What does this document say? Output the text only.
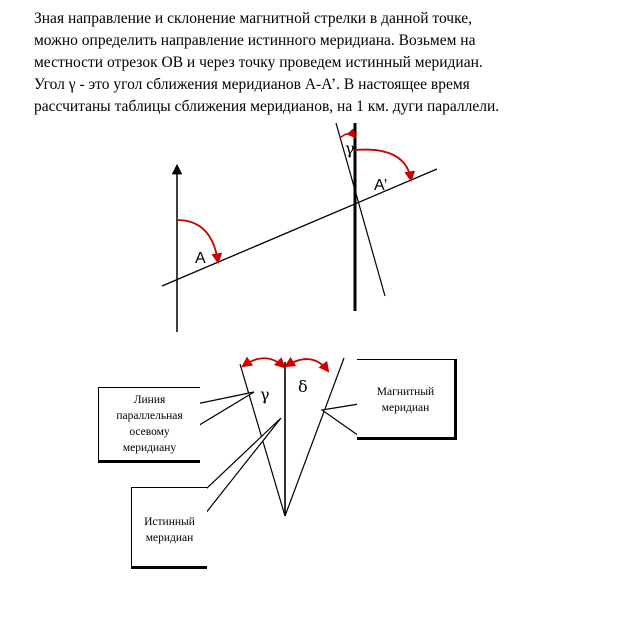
Зная направление и склонение магнитной стрелки в данной точке,
можно определить направление истинного меридиана. Возьмем на
местности отрезок ОВ и через точку проведем истинный меридиан.
Угол γ - это угол сближения меридианов А-А’. В настоящее время
рассчитаны таблицы сближения меридианов, на 1 км. дуги параллели.
А
А’
γ
γ δ
Линия
параллельная
осевому
меридиану
Истинный
меридиан
Магнитный
меридиан
